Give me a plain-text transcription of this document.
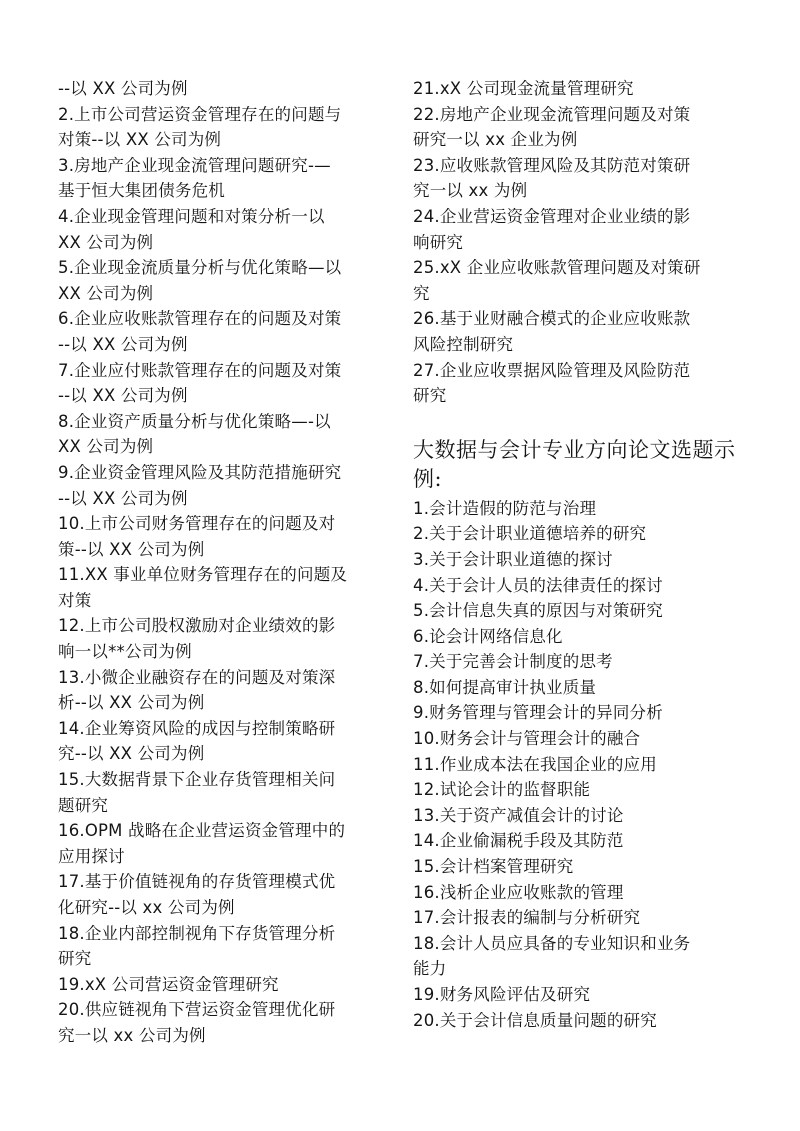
--以 XX 公司为例
2.上市公司营运资金管理存在的问题与
对策--以 XX 公司为例
3.房地产企业现金流管理问题研究-—
基于恒大集团债务危机
4.企业现金管理问题和对策分析一以
XX 公司为例
5.企业现金流质量分析与优化策略—以
XX 公司为例
6.企业应收账款管理存在的问题及对策
--以 XX 公司为例
7.企业应付账款管理存在的问题及对策
--以 XX 公司为例
8.企业资产质量分析与优化策略—-以
XX 公司为例
9.企业资金管理风险及其防范措施研究
--以 XX 公司为例
10.上市公司财务管理存在的问题及对
策--以 XX 公司为例
11.XX 事业单位财务管理存在的问题及
对策
12.上市公司股权激励对企业绩效的影
响一以**公司为例
13.小微企业融资存在的问题及对策深
析--以 XX 公司为例
14.企业筹资风险的成因与控制策略研
究--以 XX 公司为例
15.大数据背景下企业存货管理相关问
题研究
16.OPM 战略在企业营运资金管理中的
应用探讨
17.基于价值链视角的存货管理模式优
化研究--以 xx 公司为例
18.企业内部控制视角下存货管理分析
研究
19.xX 公司营运资金管理研究
20.供应链视角下营运资金管理优化研
究一以 xx 公司为例
21.xX 公司现金流量管理研究
22.房地产企业现金流管理问题及对策
研究一以 xx 企业为例
23.应收账款管理风险及其防范对策研
究一以 xx 为例
24.企业营运资金管理对企业业绩的影
响研究
25.xX 企业应收账款管理问题及对策研
究
26.基于业财融合模式的企业应收账款
风险控制研究
27.企业应收票据风险管理及风险防范
研究
大数据与会计专业方向论文选题示
例:
1.会计造假的防范与治理
2.关于会计职业道德培养的研究
3.关于会计职业道德的探讨
4.关于会计人员的法律责任的探讨
5.会计信息失真的原因与对策研究
6.论会计网络信息化
7.关于完善会计制度的思考
8.如何提高审计执业质量
9.财务管理与管理会计的异同分析
10.财务会计与管理会计的融合
11.作业成本法在我国企业的应用
12.试论会计的监督职能
13.关于资产减值会计的讨论
14.企业偷漏税手段及其防范
15.会计档案管理研究
16.浅析企业应收账款的管理
17.会计报表的编制与分析研究
18.会计人员应具备的专业知识和业务
能力
19.财务风险评估及研究
20.关于会计信息质量问题的研究
